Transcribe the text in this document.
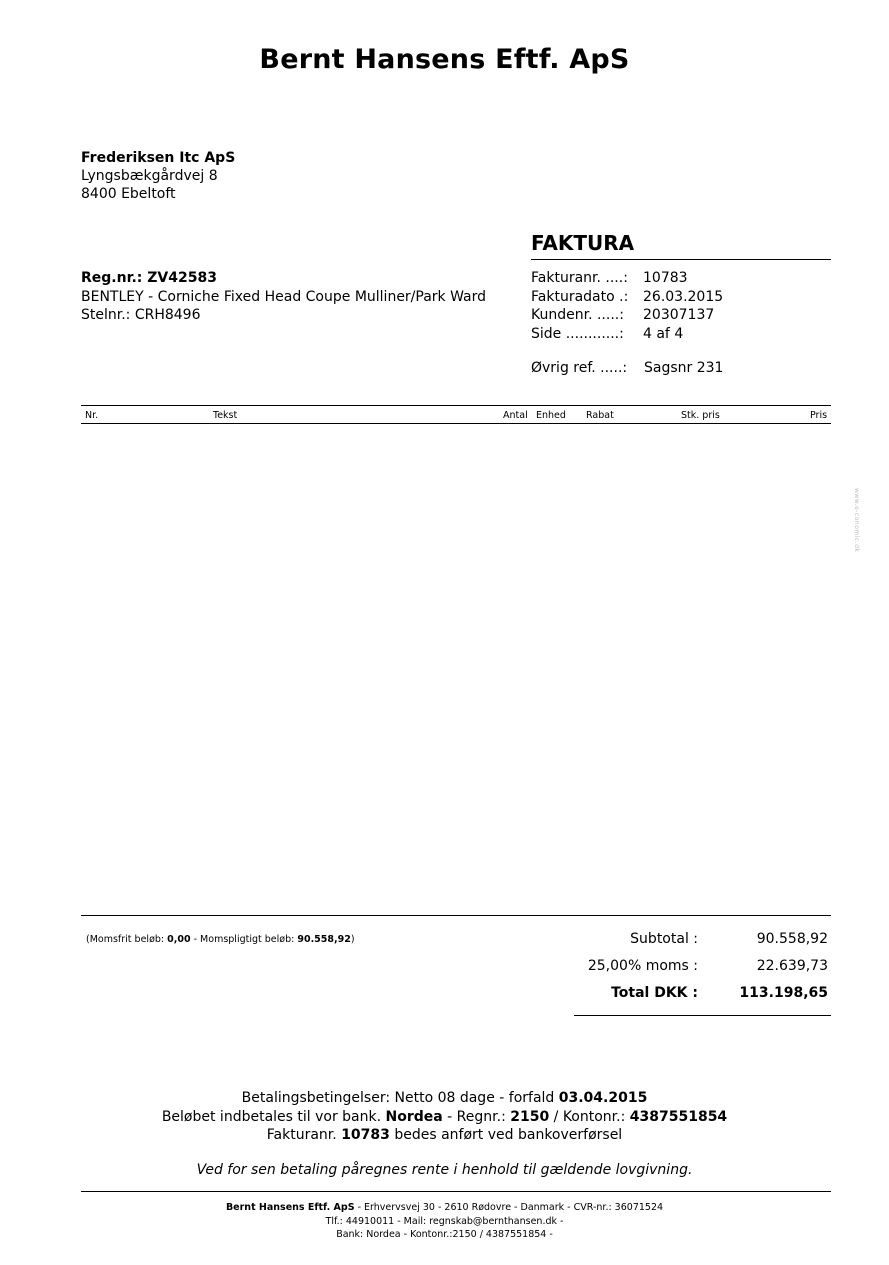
Bernt Hansens Eftf. ApS
Frederiksen Itc ApS
Lyngsbækgårdvej 8
8400 Ebeltoft
FAKTURA
Reg.nr.: ZV42583
BENTLEY - Corniche Fixed Head Coupe Mulliner/Park Ward
Stelnr.: CRH8496
Fakturanr. ....:	10783
Fakturadato .:	26.03.2015
Kundenr. .....:	20307137
Side ............:	4 af 4
Øvrig ref. .....:	Sagsnr 231
Nr.	Tekst	Antal Enhed Rabat	Stk. pris	Pris
www.e-conomic.dk
(Momsfrit beløb: 0,00 - Momspligtigt beløb: 90.558,92)	Subtotal :	90.558,92
25,00% moms :	22.639,73
Total DKK :	113.198,65
Betalingsbetingelser: Netto 08 dage - forfald 03.04.2015
Beløbet indbetales til vor bank. Nordea - Regnr.: 2150 / Kontonr.: 4387551854
Fakturanr. 10783 bedes anført ved bankoverførsel
Ved for sen betaling påregnes rente i henhold til gældende lovgivning.
Bernt Hansens Eftf. ApS - Erhvervsvej 30 - 2610 Rødovre - Danmark - CVR-nr.: 36071524
Tlf.: 44910011 - Mail: regnskab@bernthansen.dk -
Bank: Nordea - Kontonr.:2150 / 4387551854 -
